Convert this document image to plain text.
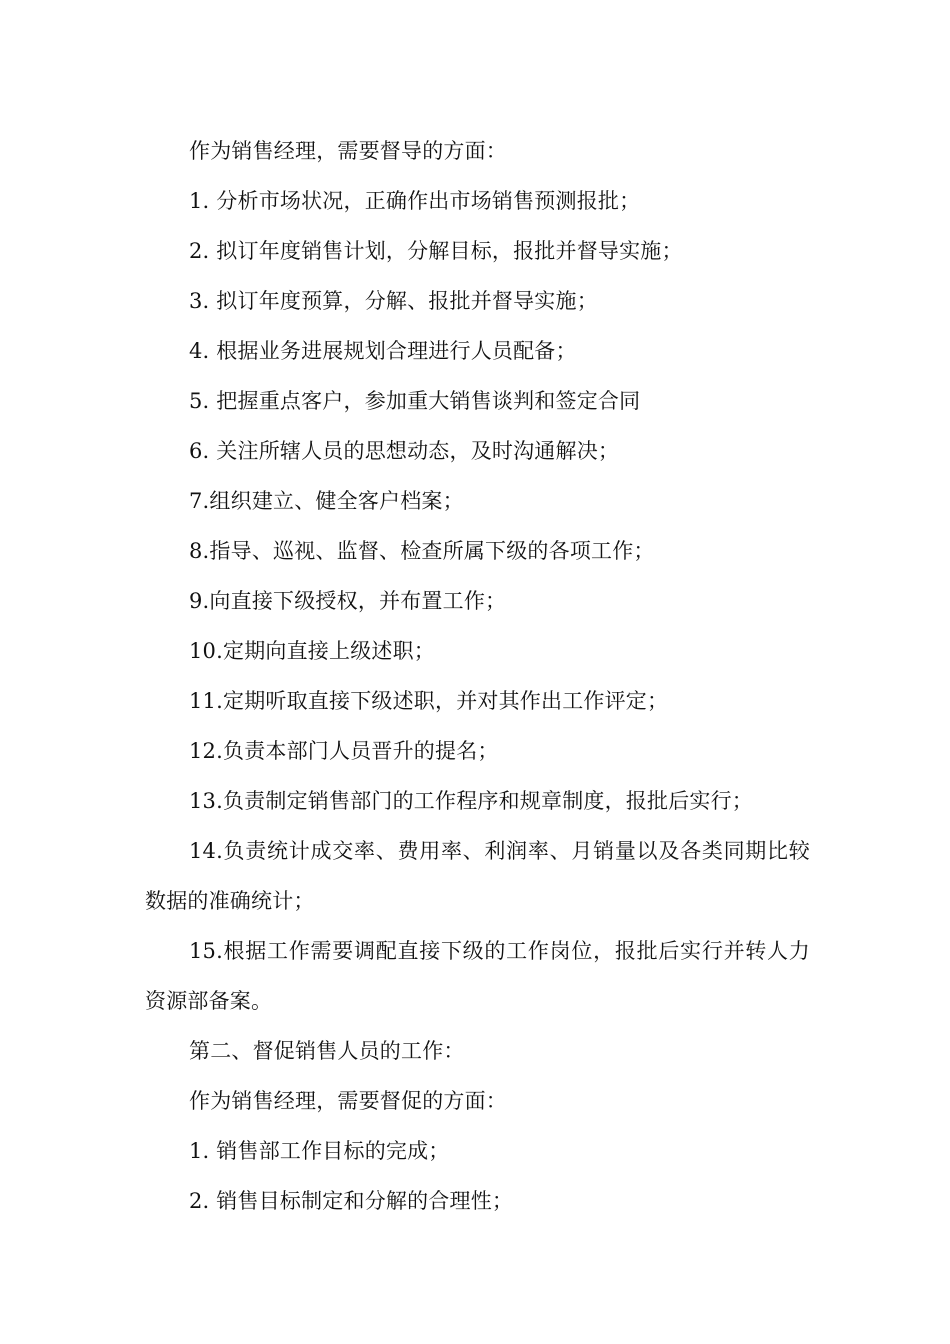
作为销售经理，需要督导的方面：

1. 分析市场状况，正确作出市场销售预测报批；

2. 拟订年度销售计划，分解目标，报批并督导实施；

3. 拟订年度预算，分解、报批并督导实施；

4. 根据业务进展规划合理进行人员配备；

5. 把握重点客户，参加重大销售谈判和签定合同

6. 关注所辖人员的思想动态，及时沟通解决；

7.组织建立、健全客户档案；

8.指导、巡视、监督、检查所属下级的各项工作；

9.向直接下级授权，并布置工作；

10.定期向直接上级述职；

11.定期听取直接下级述职，并对其作出工作评定；

12.负责本部门人员晋升的提名；

13.负责制定销售部门的工作程序和规章制度，报批后实行；

14.负责统计成交率、费用率、利润率、月销量以及各类同期比较数据的准确统计；

15.根据工作需要调配直接下级的工作岗位，报批后实行并转人力资源部备案。

第二、督促销售人员的工作：

作为销售经理，需要督促的方面：

1. 销售部工作目标的完成；

2. 销售目标制定和分解的合理性；
